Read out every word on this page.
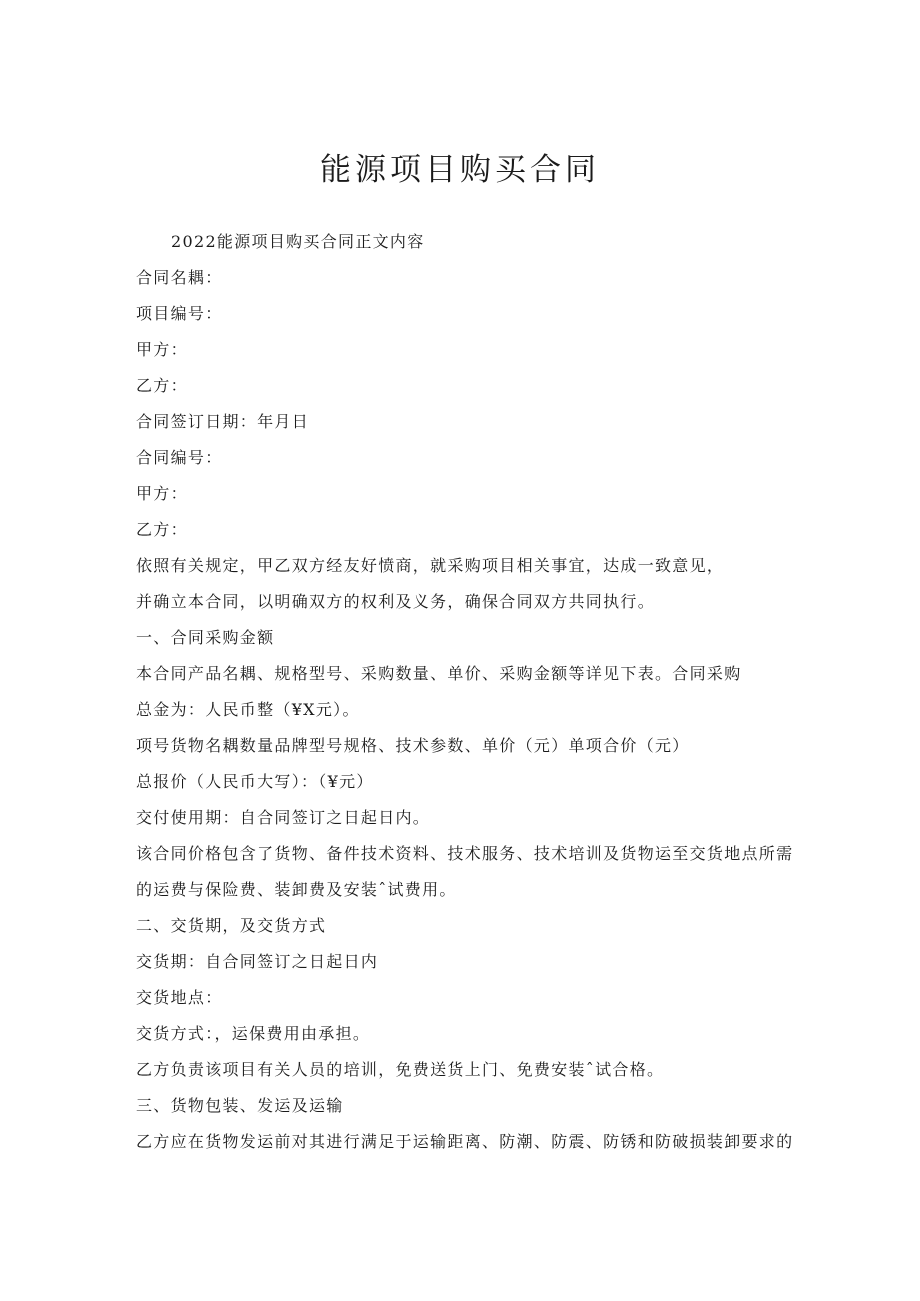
能源项目购买合同
2022能源项目购买合同正文内容
合同名耦：
项目编号：
甲方：
乙方：
合同签订日期：年月日
合同编号：
甲方：
乙方：
依照有关规定，甲乙双方经友好愤商，就采购项目相关事宜，达成一致意见，
并确立本合同，以明确双方的权利及义务，确保合同双方共同执行。
一、合同采购金额
本合同产品名耦、规格型号、采购数量、单价、采购金额等详见下表。合同采购
总金为：人民币整（¥X元）。
项号货物名耦数量品牌型号规格、技术参数、单价（元）单项合价（元）
总报价（人民币大写）：（¥元）
交付使用期：自合同签订之日起日内。
该合同价格包含了货物、备件技术资料、技术服务、技术培训及货物运至交货地点所需
的运费与保险费、装卸费及安装ˆ试费用。
二、交货期，及交货方式
交货期：自合同签订之日起日内
交货地点：
交货方式：，运保费用由承担。
乙方负责该项目有关人员的培训，免费送货上门、免费安装ˆ试合格。
三、货物包装、发运及运输
乙方应在货物发运前对其进行满足于运输距离、防潮、防震、防锈和防破损装卸要求的
